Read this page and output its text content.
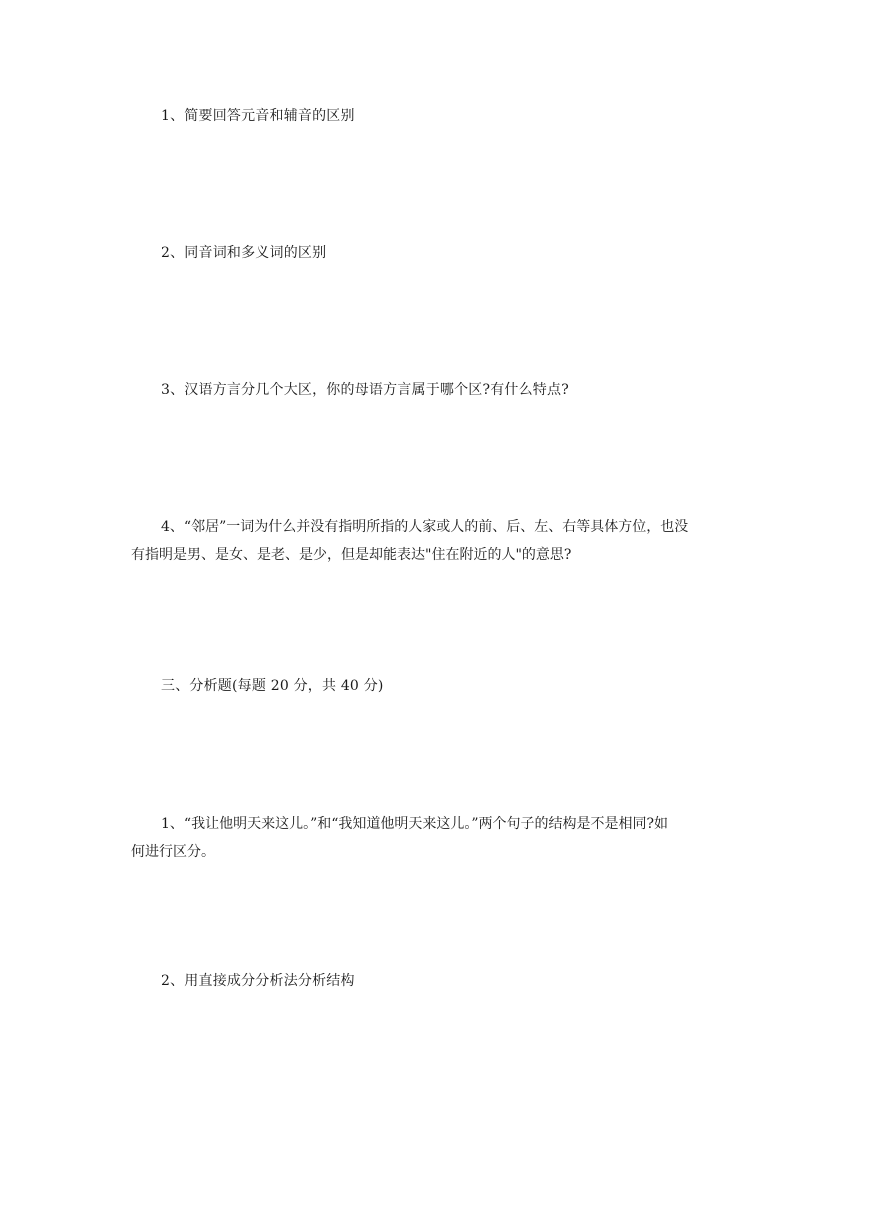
1、简要回答元音和辅音的区别
2、同音词和多义词的区别
3、汉语方言分几个大区，你的母语方言属于哪个区?有什么特点?
4、“邻居”一词为什么并没有指明所指的人家或人的前、后、左、右等具体方位，也没
有指明是男、是女、是老、是少，但是却能表达"住在附近的人"的意思?
三、分析题(每题 20 分，共 40 分)
1、“我让他明天来这儿。”和“我知道他明天来这儿。”两个句子的结构是不是相同?如
何进行区分。
2、用直接成分分析法分析结构
